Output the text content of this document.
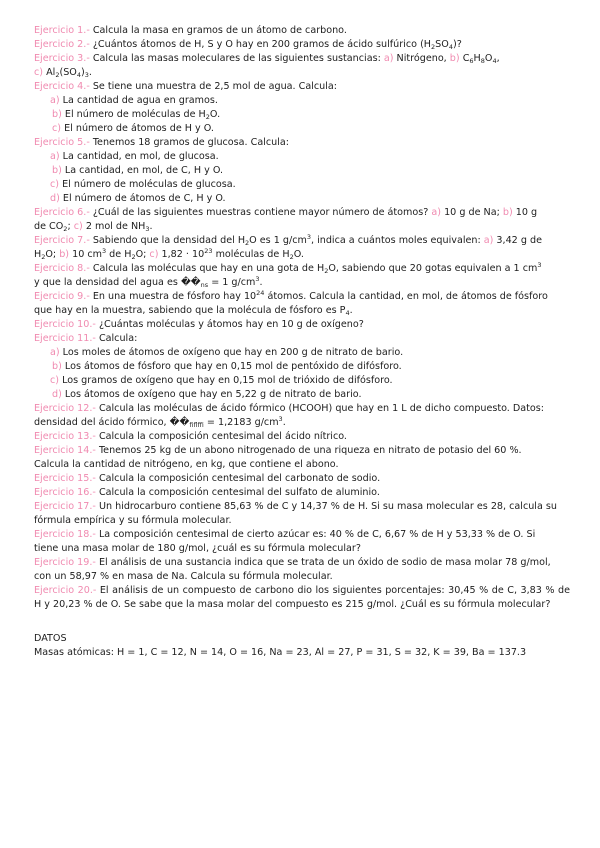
Ejercicio 1.- Calcula la masa en gramos de un átomo de carbono.
Ejercicio 2.- ¿Cuántos átomos de H, S y O hay en 200 gramos de ácido sulfúrico $(H_2SO_4)$?
Ejercicio 3.- Calcula las masas moleculares de las siguientes sustancias: a) Nitrógeno, b) $C_6H_8O_4$,
c) $Al_2(SO_4)_3$.
Ejercicio 4.- Se tiene una muestra de 2,5 mol de agua. Calcula:
a) La cantidad de agua en gramos.
b) El número de moléculas de $H_2O$.
c) El número de átomos de H y O.
Ejercicio 5.- Tenemos 18 gramos de glucosa. Calcula:
a) La cantidad, en mol, de glucosa.
b) La cantidad, en mol, de C, H y O.
c) El número de moléculas de glucosa.
d) El número de átomos de C, H y O.
Ejercicio 6.- ¿Cuál de las siguientes muestras contiene mayor número de átomos? a) 10 g de Na; b) 10 g
de $CO_2$; c) 2 mol de $NH_3$.
Ejercicio 7.- Sabiendo que la densidad del $H_2O$ es 1 $g/cm^3$, indica a cuántos moles equivalen: a) 3,42 g de
$H_2O$; b) 10 $cm^3$ de $H_2O$; c) $1,82 \cdot 10^{23}$ moléculas de $H_2O$.
Ejercicio 8.- Calcula las moléculas que hay en una gota de $H_2O$, sabiendo que 20 gotas equivalen a 1 $cm^3$
y que la densidad del agua es $��_{ns} = 1$ $g/cm^3$.
Ejercicio 9.- En una muestra de fósforo hay $10^{24}$ átomos. Calcula la cantidad, en mol, de átomos de fósforo
que hay en la muestra, sabiendo que la molécula de fósforo es $P_4$.
Ejercicio 10.- ¿Cuántas moléculas y átomos hay en 10 g de oxígeno?
Ejercicio 11.- Calcula:
a) Los moles de átomos de oxígeno que hay en 200 g de nitrato de bario.
b) Los átomos de fósforo que hay en 0,15 mol de pentóxido de difósforo.
c) Los gramos de oxígeno que hay en 0,15 mol de trióxido de difósforo.
d) Los átomos de oxígeno que hay en 5,22 g de nitrato de bario.
Ejercicio 12.- Calcula las moléculas de ácido fórmico (HCOOH) que hay en 1 L de dicho compuesto. Datos:
densidad del ácido fórmico, $��_{ﬁﬂﬃ} = 1,2183$ $g/cm^3$.
Ejercicio 13.- Calcula la composición centesimal del ácido nítrico.
Ejercicio 14.- Tenemos 25 kg de un abono nitrogenado de una riqueza en nitrato de potasio del 60 %.
Calcula la cantidad de nitrógeno, en kg, que contiene el abono.
Ejercicio 15.- Calcula la composición centesimal del carbonato de sodio.
Ejercicio 16.- Calcula la composición centesimal del sulfato de aluminio.
Ejercicio 17.- Un hidrocarburo contiene 85,63 % de C y 14,37 % de H. Si su masa molecular es 28, calcula su
fórmula empírica y su fórmula molecular.
Ejercicio 18.- La composición centesimal de cierto azúcar es: 40 % de C, 6,67 % de H y 53,33 % de O. Si
tiene una masa molar de 180 g/mol, ¿cuál es su fórmula molecular?
Ejercicio 19.- El análisis de una sustancia indica que se trata de un óxido de sodio de masa molar 78 g/mol,
con un 58,97 % en masa de Na. Calcula su fórmula molecular.
Ejercicio 20.- El análisis de un compuesto de carbono dio los siguientes porcentajes: 30,45 % de C, 3,83 % de H y 20,23 % de O. Se sabe que la masa molar del compuesto es 215 g/mol. ¿Cuál es su fórmula molecular?
DATOS
Masas atómicas: H = 1, C = 12, N = 14, O = 16, Na = 23, Al = 27, P = 31, S = 32, K = 39, Ba = 137.3
